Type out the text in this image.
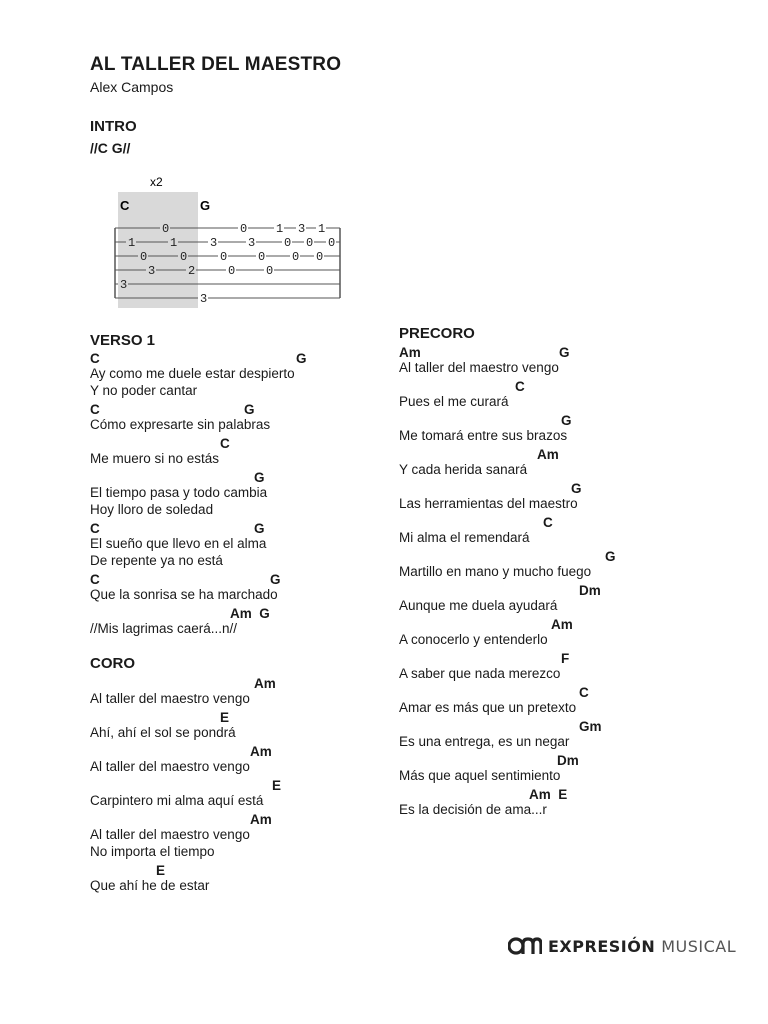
AL TALLER DEL MAESTRO
Alex Campos
INTRO
//C G//
x2
C	G
0	0 1 3 1
1	1	3	3 0 0 0
0	0	0	0 0 0
3	2	0	0
3
3
VERSO 1
C	G
Ay como me duele estar despierto
Y no poder cantar
C	G
Cómo expresarte sin palabras
C
Me muero si no estás
G
El tiempo pasa y todo cambia
Hoy lloro de soledad
C	G
El sueño que llevo en el alma
De repente ya no está
C	G
Que la sonrisa se ha marchado
Am  G
//Mis lagrimas caerá...n//
CORO
Am
Al taller del maestro vengo
E
Ahí, ahí el sol se pondrá
Am
Al taller del maestro vengo
E
Carpintero mi alma aquí está
Am
Al taller del maestro vengo
No importa el tiempo
E
Que ahí he de estar
PRECORO
Am	G
Al taller del maestro vengo
C
Pues el me curará
G
Me tomará entre sus brazos
Am
Y cada herida sanará
G
Las herramientas del maestro
C
Mi alma el remendará
G
Martillo en mano y mucho fuego
Dm
Aunque me duela ayudará
Am
A conocerlo y entenderlo
F
A saber que nada merezco
C
Amar es más que un pretexto
Gm
Es una entrega, es un negar
Dm
Más que aquel sentimiento
Am  E
Es la decisión de ama...r
EXPRESIÓN MUSICAL
